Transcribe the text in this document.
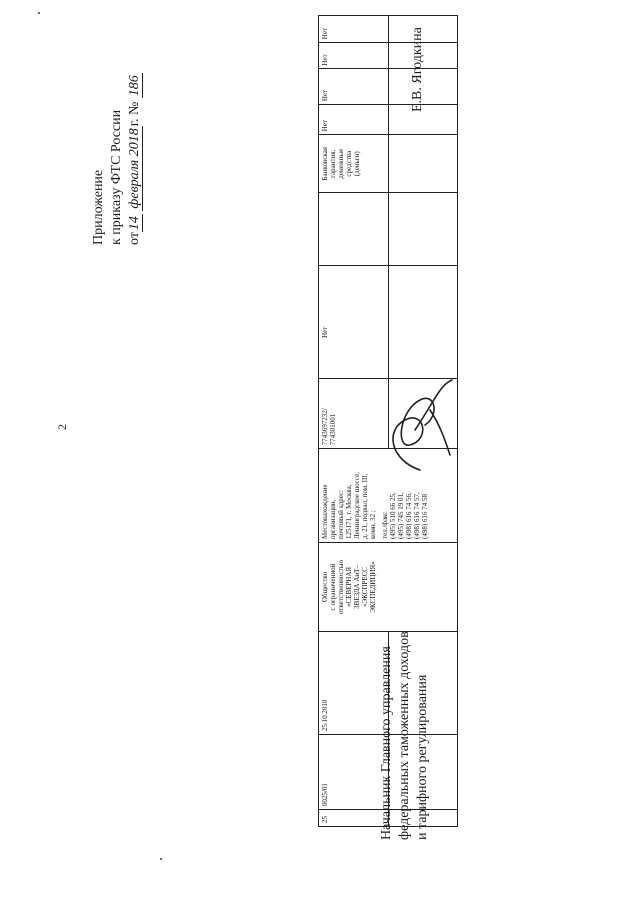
2
Приложение к приказу ФТС России от14 февраля 2018г. № 186
25
0025/01
25.10.2010
Общество с ограниченной ответственностью «СЕВЕРНАЯ ЗВЕЗДА АиТ– «ЭКСПРЕСС ЭКСПЕДИЦИЯ»
Местонахождение организации, почтовый адрес: 125171, г. Москва, Ленинградское шоссе, д. 21, подвал, пом. III, комн. 32 ; тел./факс (495) 510 66 25, (495) 745 19 01, (498) 616 74 56, (498) 616 74 57, (498) 616 74 58
7743697232/ 774301001
Нет
Банковская гарантия, денежные средства (деньги)
Нет
Нет
Нет
Нет
Начальник Главного управления федеральных таможенных доходов и тарифного регулирования
Е.В. Ягодкина
